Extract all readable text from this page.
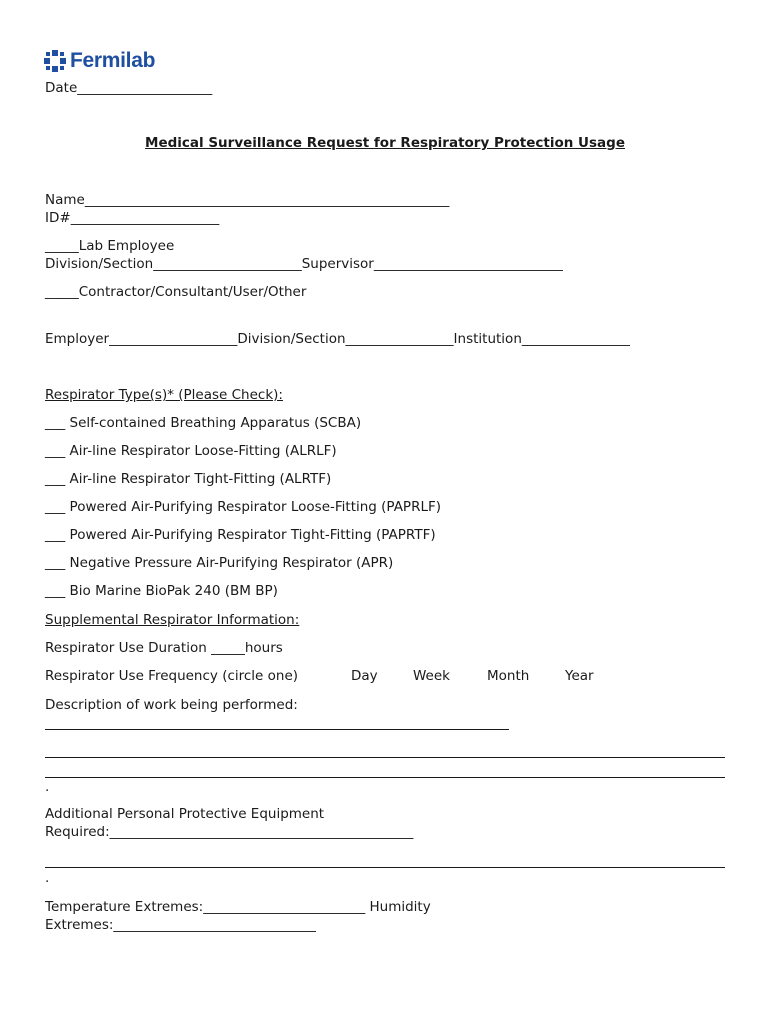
Fermilab
Date____________________
Medical Surveillance Request for Respiratory Protection Usage
Name______________________________________________________
ID#______________________
_____Lab Employee
Division/Section______________________Supervisor____________________________
_____Contractor/Consultant/User/Other
Employer___________________Division/Section________________Institution________________
Respirator Type(s)* (Please Check):
___ Self-contained Breathing Apparatus (SCBA)
___ Air-line Respirator Loose-Fitting (ALRLF)
___ Air-line Respirator Tight-Fitting (ALRTF)
___ Powered Air-Purifying Respirator Loose-Fitting (PAPRLF)
___ Powered Air-Purifying Respirator Tight-Fitting (PAPRTF)
___ Negative Pressure Air-Purifying Respirator (APR)
___ Bio Marine BioPak 240 (BM BP)
Supplemental Respirator Information:
Respirator Use Duration _____hours
Respirator Use Frequency (circle one)	Day	Week	Month	Year
Description of work being performed:
.
Additional Personal Protective Equipment
Required:_____________________________________________
.
Temperature Extremes:________________________ Humidity
Extremes:______________________________
